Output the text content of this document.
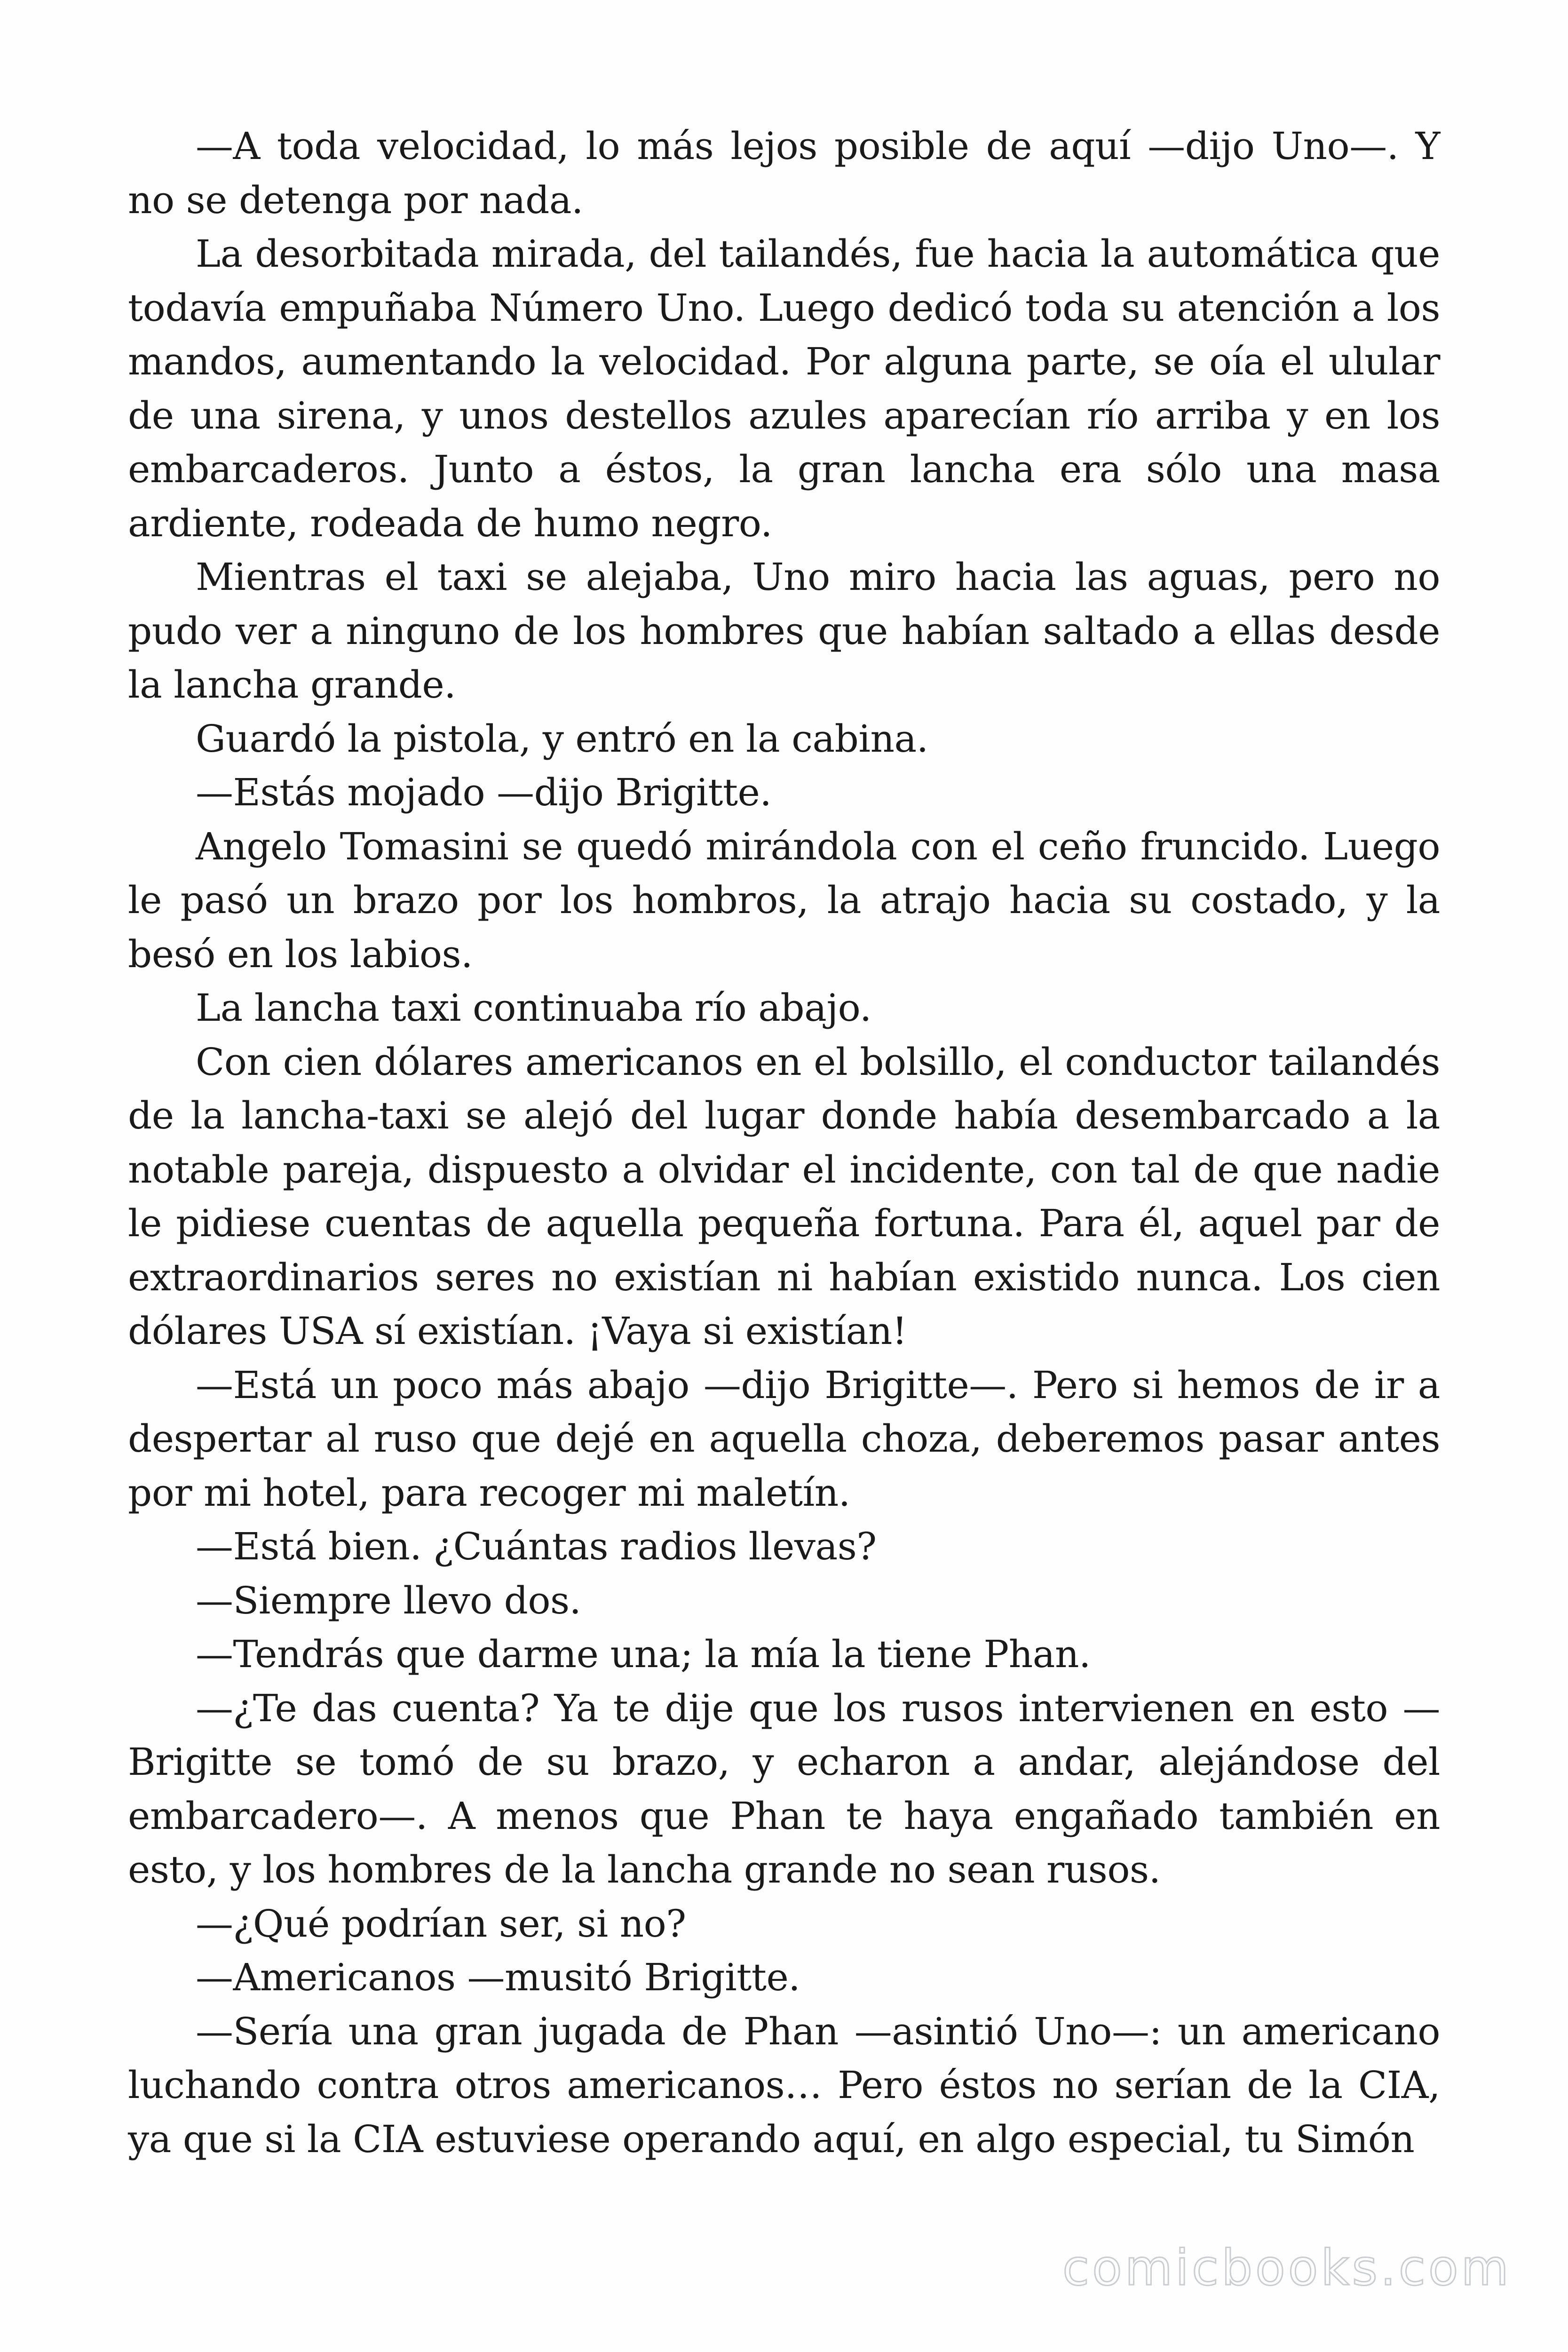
—A toda velocidad, lo más lejos posible de aquí —dijo Uno—. Y no se detenga por nada.

La desorbitada mirada, del tailandés, fue hacia la automática que todavía empuñaba Número Uno. Luego dedicó toda su atención a los mandos, aumentando la velocidad. Por alguna parte, se oía el ulular de una sirena, y unos destellos azules aparecían río arriba y en los embarcaderos. Junto a éstos, la gran lancha era sólo una masa ardiente, rodeada de humo negro.

Mientras el taxi se alejaba, Uno miro hacia las aguas, pero no pudo ver a ninguno de los hombres que habían saltado a ellas desde la lancha grande.

Guardó la pistola, y entró en la cabina.

—Estás mojado —dijo Brigitte.

Angelo Tomasini se quedó mirándola con el ceño fruncido. Luego le pasó un brazo por los hombros, la atrajo hacia su costado, y la besó en los labios.

La lancha taxi continuaba río abajo.

Con cien dólares americanos en el bolsillo, el conductor tailandés de la lancha-taxi se alejó del lugar donde había desembarcado a la notable pareja, dispuesto a olvidar el incidente, con tal de que nadie le pidiese cuentas de aquella pequeña fortuna. Para él, aquel par de extraordinarios seres no existían ni habían existido nunca. Los cien dólares USA sí existían. ¡Vaya si existían!

—Está un poco más abajo —dijo Brigitte—. Pero si hemos de ir a despertar al ruso que dejé en aquella choza, deberemos pasar antes por mi hotel, para recoger mi maletín.

—Está bien. ¿Cuántas radios llevas?

—Siempre llevo dos.

—Tendrás que darme una; la mía la tiene Phan.

—¿Te das cuenta? Ya te dije que los rusos intervienen en esto —Brigitte se tomó de su brazo, y echaron a andar, alejándose del embarcadero—. A menos que Phan te haya engañado también en esto, y los hombres de la lancha grande no sean rusos.

—¿Qué podrían ser, si no?

—Americanos —musitó Brigitte.

—Sería una gran jugada de Phan —asintió Uno—: un americano luchando contra otros americanos… Pero éstos no serían de la CIA, ya que si la CIA estuviese operando aquí, en algo especial, tu Simón

comicbooks.com
